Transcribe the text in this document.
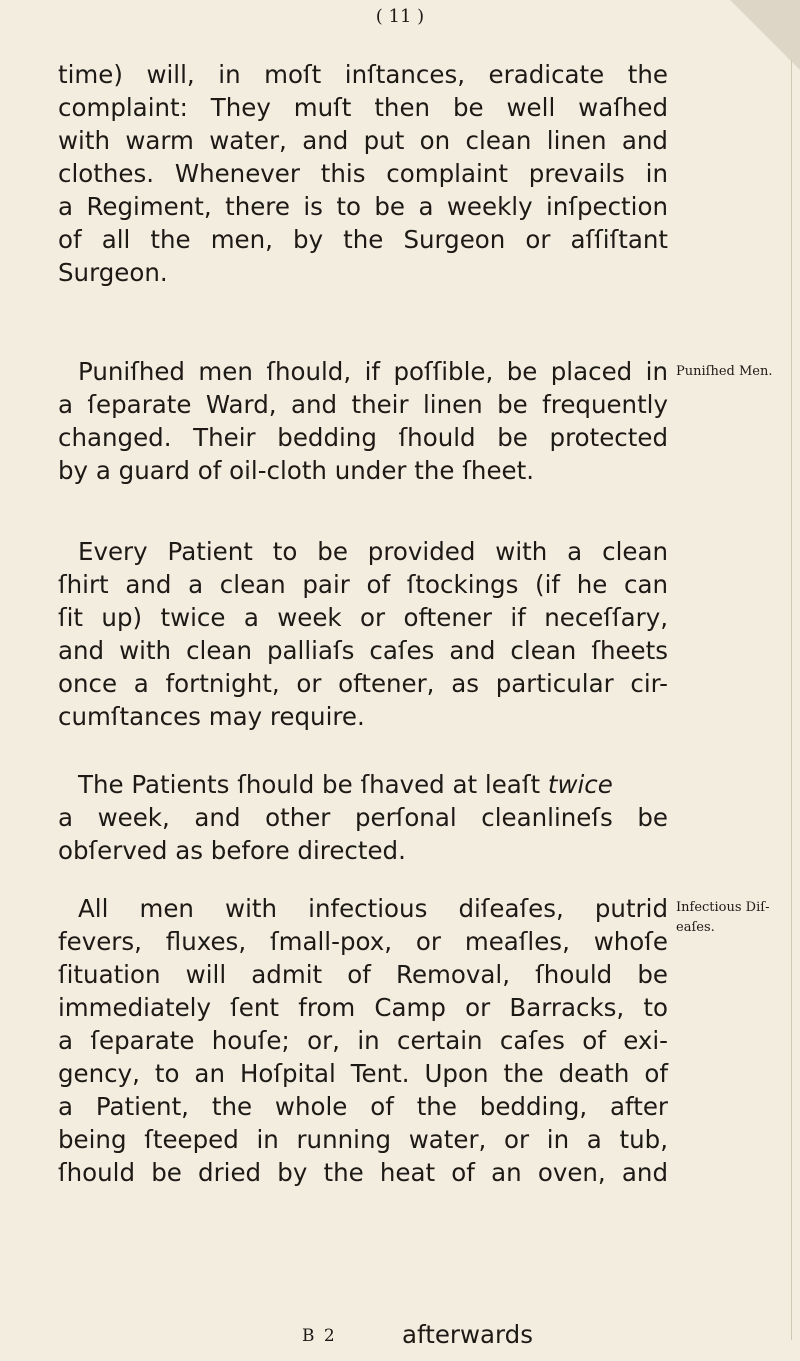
( 11 )
time) will, in moſt inſtances, eradicate the
complaint: They muſt then be well waſhed
with warm water, and put on clean linen and
clothes. Whenever this complaint prevails in
a Regiment, there is to be a weekly inſpection
of all the men, by the Surgeon or aſſiſtant
Surgeon.
Puniſhed men ſhould, if poſſible, be placed in
a ſeparate Ward, and their linen be frequently
changed. Their bedding ſhould be protected
by a guard of oil-cloth under the ſheet.
Puniſhed Men.
Every Patient to be provided with a clean
ſhirt and a clean pair of ſtockings (if he can
ſit up) twice a week or oftener if neceſſary,
and with clean palliaſs caſes and clean ſheets
once a fortnight, or oftener, as particular cir-
cumſtances may require.
The Patients ſhould be ſhaved at leaſt twice
a week, and other perſonal cleanlineſs be
obſerved as before directed.
All men with infectious diſeaſes, putrid
fevers, fluxes, ſmall-pox, or meaſles, whoſe
ſituation will admit of Removal, ſhould be
immediately ſent from Camp or Barracks, to
a ſeparate houſe; or, in certain caſes of exi-
gency, to an Hoſpital Tent. Upon the death of
a Patient, the whole of the bedding, after
being ſteeped in running water, or in a tub,
ſhould be dried by the heat of an oven, and
Infectious Diſ-
eaſes.
B 2	afterwards
